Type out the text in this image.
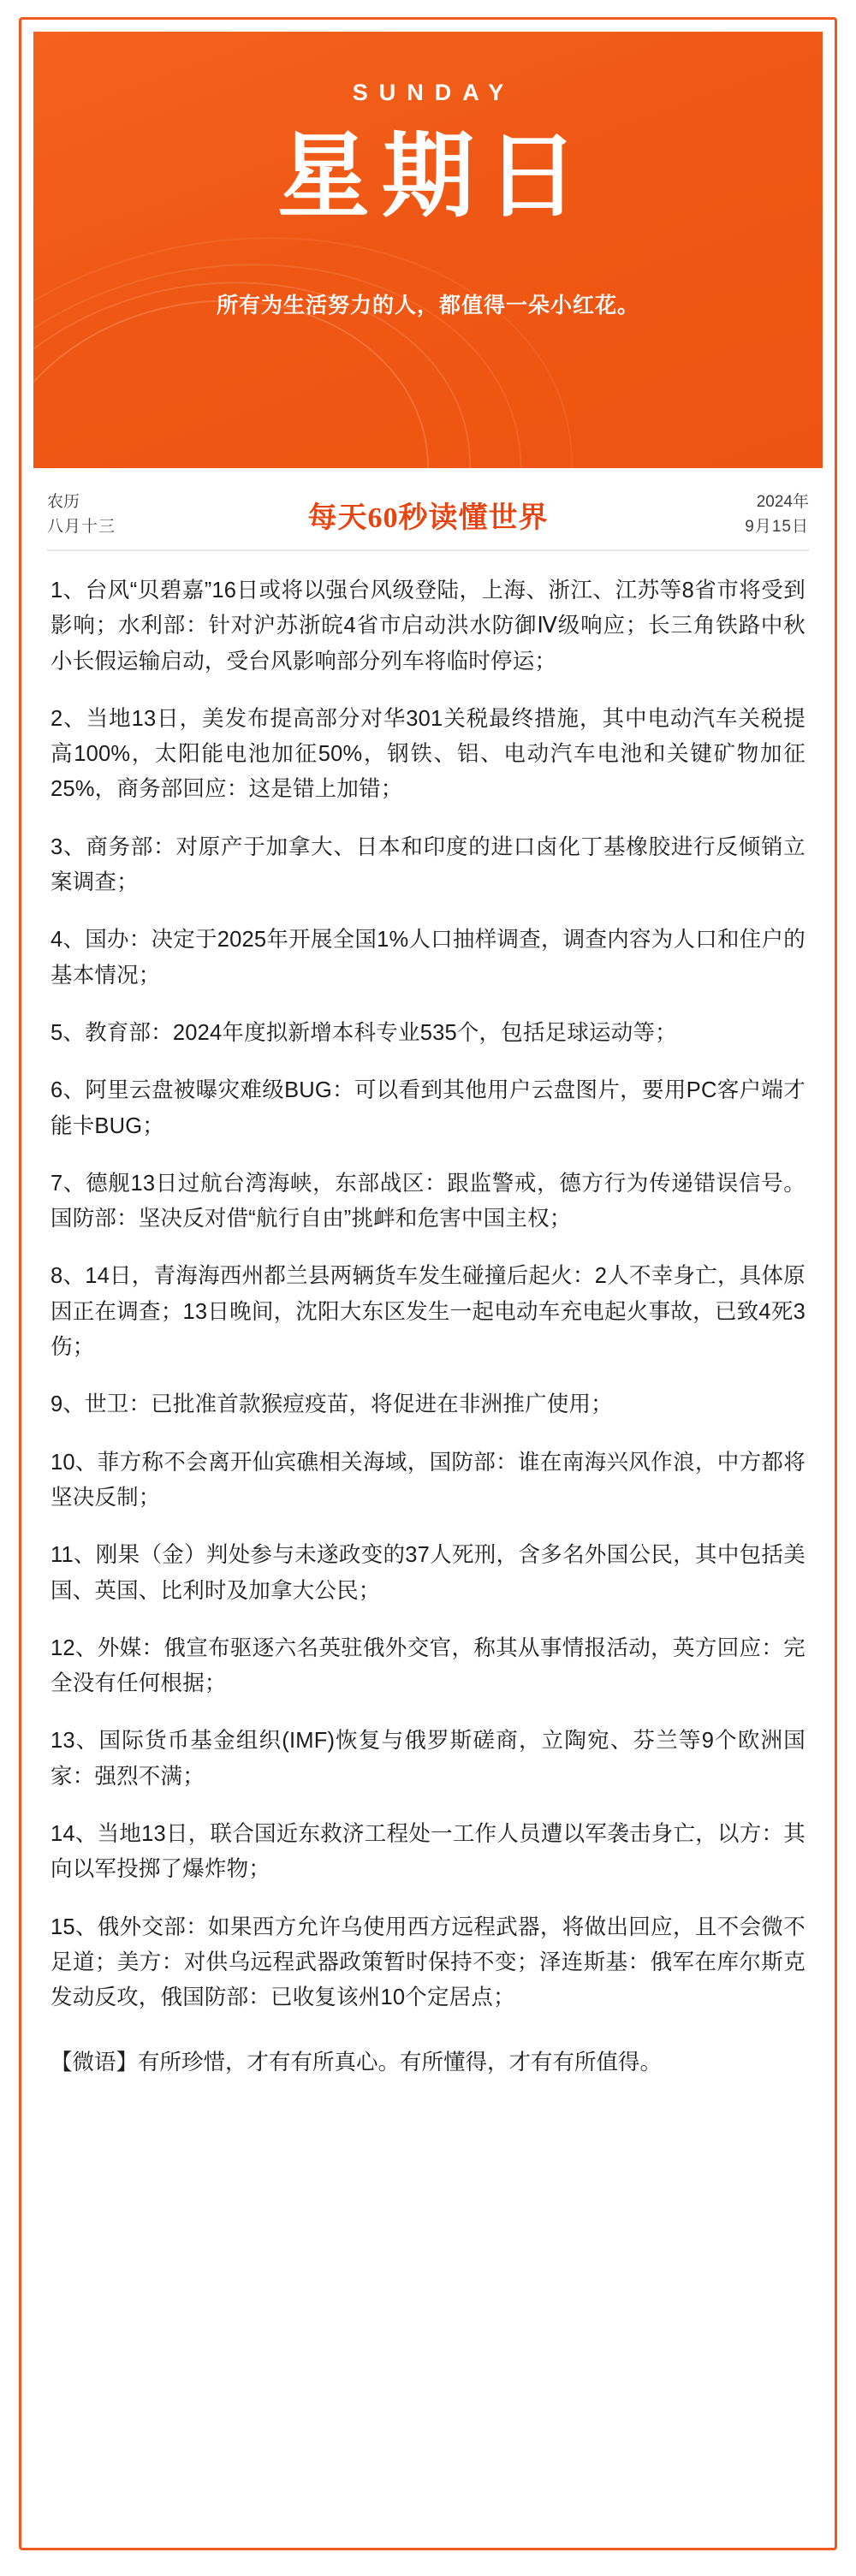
SUNDAY
星期日
所有为生活努力的人，都值得一朵小红花。
农历
八月十三	每天60秒读懂世界
2024年
9月15日

1、台风“贝碧嘉”16日或将以强台风级登陆，上海、浙江、江苏等8省市将受到影响；水利部：针对沪苏浙皖4省市启动洪水防御Ⅳ级响应；长三角铁路中秋小长假运输启动，受台风影响部分列车将临时停运；

2、当地13日，美发布提高部分对华301关税最终措施，其中电动汽车关税提高100%，太阳能电池加征50%，钢铁、铝、电动汽车电池和关键矿物加征25%，商务部回应：这是错上加错；

3、商务部：对原产于加拿大、日本和印度的进口卤化丁基橡胶进行反倾销立案调查；

4、国办：决定于2025年开展全国1%人口抽样调查，调查内容为人口和住户的基本情况；

5、教育部：2024年度拟新增本科专业535个，包括足球运动等；

6、阿里云盘被曝灾难级BUG：可以看到其他用户云盘图片，要用PC客户端才能卡BUG；

7、德舰13日过航台湾海峡，东部战区：跟监警戒，德方行为传递错误信号。国防部：坚决反对借“航行自由”挑衅和危害中国主权；

8、14日，青海海西州都兰县两辆货车发生碰撞后起火：2人不幸身亡，具体原因正在调查；13日晚间，沈阳大东区发生一起电动车充电起火事故，已致4死3伤；

9、世卫：已批准首款猴痘疫苗，将促进在非洲推广使用；

10、菲方称不会离开仙宾礁相关海域，国防部：谁在南海兴风作浪，中方都将坚决反制；

11、刚果（金）判处参与未遂政变的37人死刑，含多名外国公民，其中包括美国、英国、比利时及加拿大公民；

12、外媒：俄宣布驱逐六名英驻俄外交官，称其从事情报活动，英方回应：完全没有任何根据；

13、国际货币基金组织(IMF)恢复与俄罗斯磋商，立陶宛、芬兰等9个欧洲国家：强烈不满；

14、当地13日，联合国近东救济工程处一工作人员遭以军袭击身亡，以方：其向以军投掷了爆炸物；

15、俄外交部：如果西方允许乌使用西方远程武器，将做出回应，且不会微不足道；美方：对供乌远程武器政策暂时保持不变；泽连斯基：俄军在库尔斯克发动反攻，俄国防部：已收复该州10个定居点；

【微语】有所珍惜，才有有所真心。有所懂得，才有有所值得。
